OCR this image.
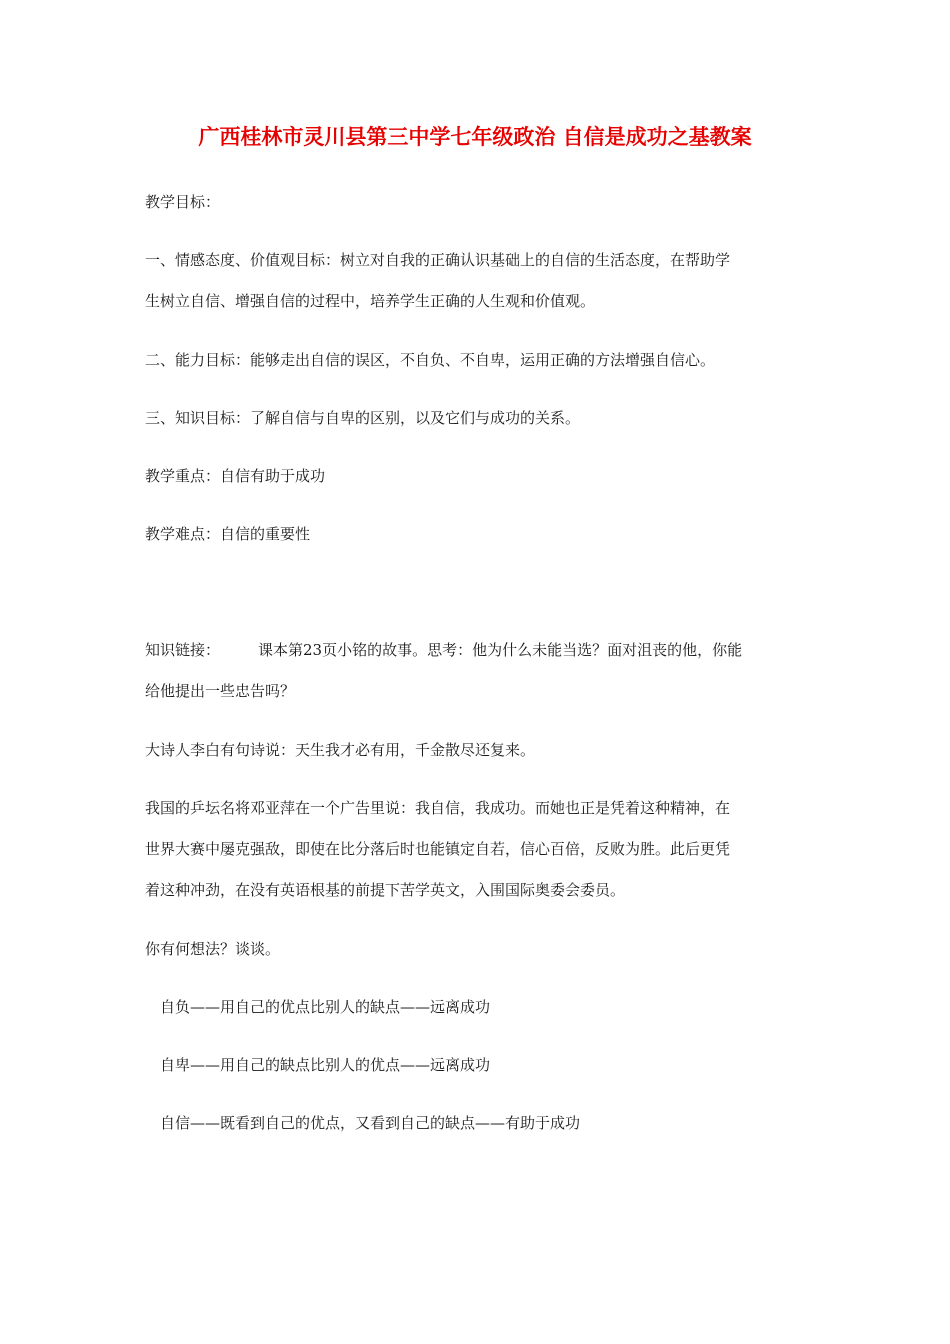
广西桂林市灵川县第三中学七年级政治 自信是成功之基教案
教学目标：
一、情感态度、价值观目标：树立对自我的正确认识基础上的自信的生活态度，在帮助学
生树立自信、增强自信的过程中，培养学生正确的人生观和价值观。
二、能力目标：能够走出自信的误区，不自负、不自卑，运用正确的方法增强自信心。
三、知识目标：了解自信与自卑的区别，以及它们与成功的关系。
教学重点：自信有助于成功
教学难点：自信的重要性
知识链接：	课本第23页小铭的故事。思考：他为什么未能当选？面对沮丧的他，你能
给他提出一些忠告吗？
大诗人李白有句诗说：天生我才必有用，千金散尽还复来。
我国的乒坛名将邓亚萍在一个广告里说：我自信，我成功。而她也正是凭着这种精神，在
世界大赛中屡克强敌，即使在比分落后时也能镇定自若，信心百倍，反败为胜。此后更凭
着这种冲劲，在没有英语根基的前提下苦学英文，入围国际奥委会委员。
你有何想法？谈谈。
自负——用自己的优点比别人的缺点——远离成功
自卑——用自己的缺点比别人的优点——远离成功
自信——既看到自己的优点，又看到自己的缺点——有助于成功
